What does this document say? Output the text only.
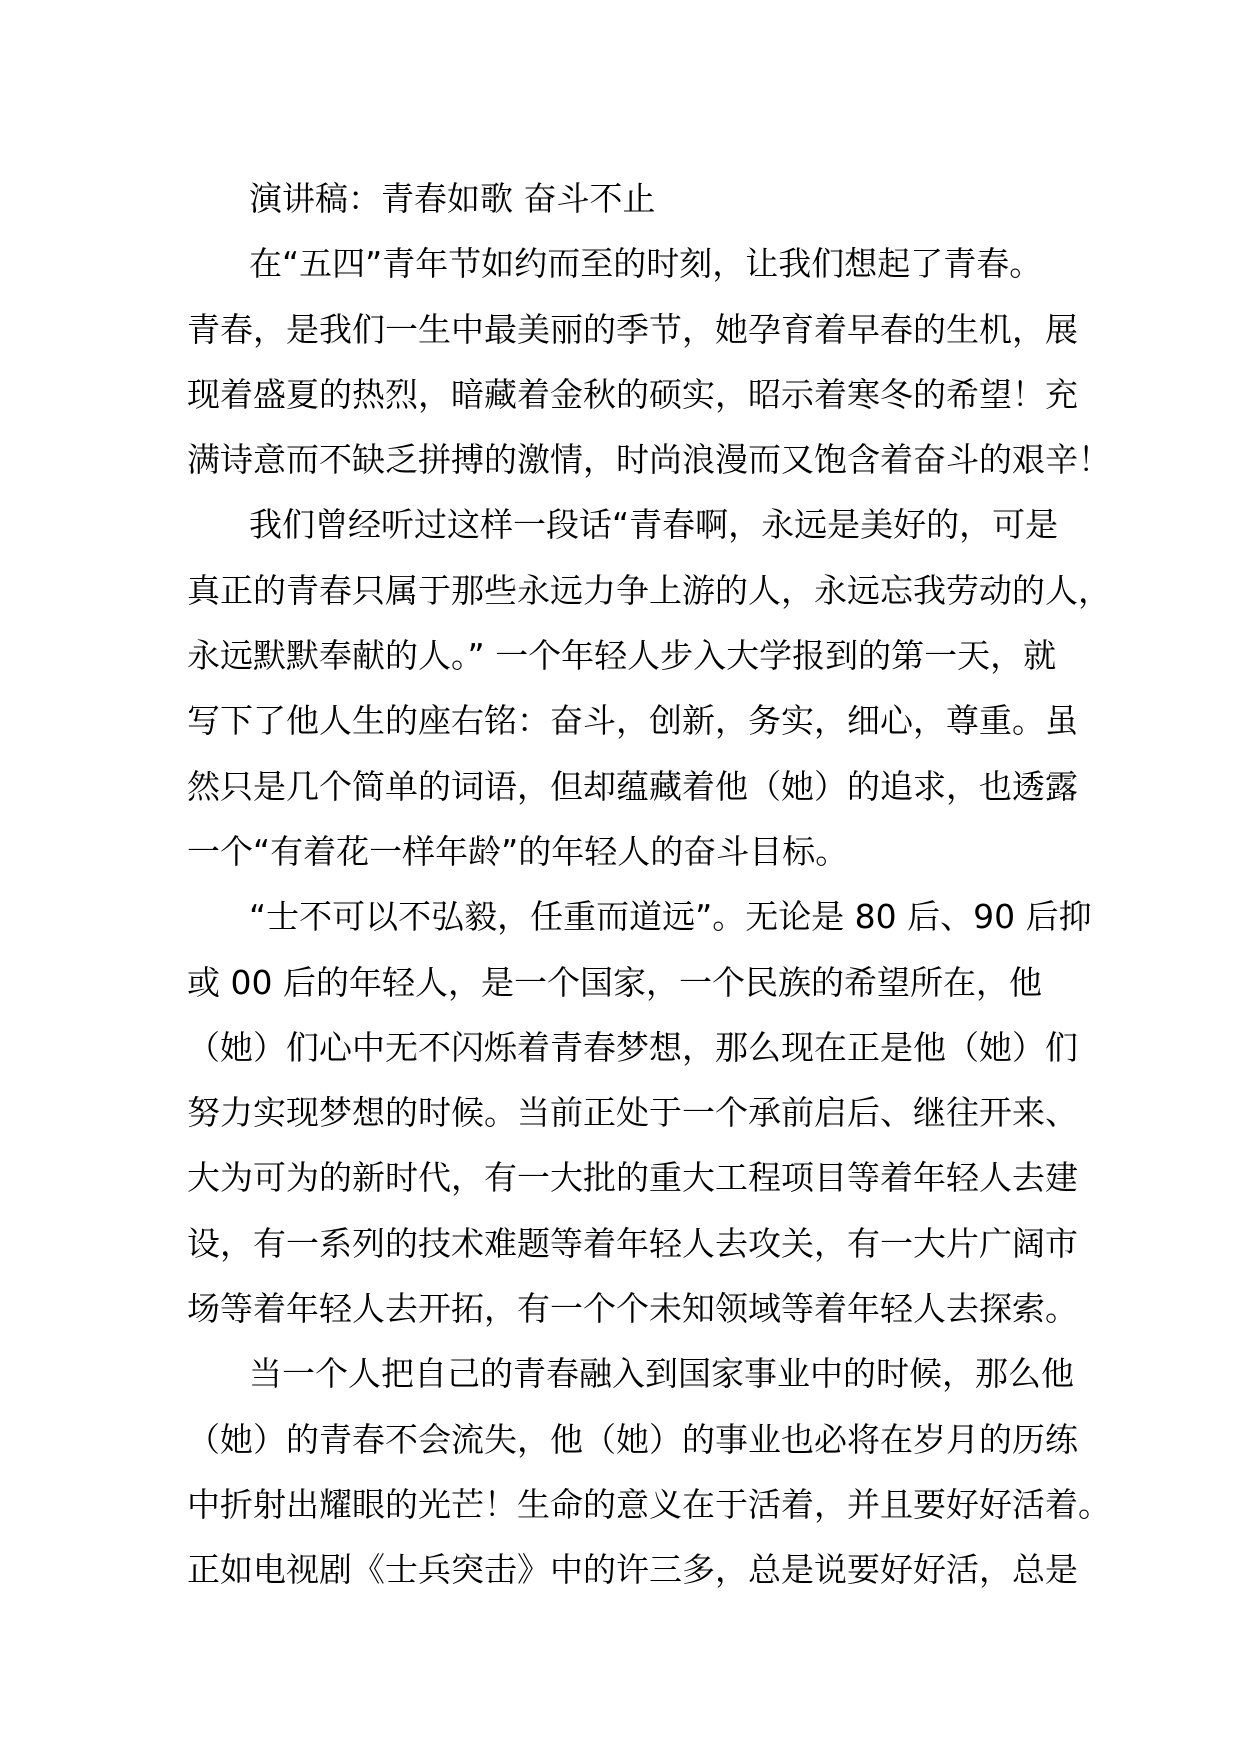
演讲稿：青春如歌 奋斗不止
在“五四”青年节如约而至的时刻，让我们想起了青春。
青春，是我们一生中最美丽的季节，她孕育着早春的生机，展
现着盛夏的热烈，暗藏着金秋的硕实，昭示着寒冬的希望！充
满诗意而不缺乏拼搏的激情，时尚浪漫而又饱含着奋斗的艰辛！
我们曾经听过这样一段话“青春啊，永远是美好的，可是
真正的青春只属于那些永远力争上游的人，永远忘我劳动的人，
永远默默奉献的人。” 一个年轻人步入大学报到的第一天，就
写下了他人生的座右铭：奋斗，创新，务实，细心，尊重。虽
然只是几个简单的词语，但却蕴藏着他（她）的追求，也透露
一个“有着花一样年龄”的年轻人的奋斗目标。
“士不可以不弘毅，任重而道远”。无论是 80 后、90 后抑
或 00 后的年轻人，是一个国家，一个民族的希望所在，他
（她）们心中无不闪烁着青春梦想，那么现在正是他（她）们
努力实现梦想的时候。当前正处于一个承前启后、继往开来、
大为可为的新时代，有一大批的重大工程项目等着年轻人去建
设，有一系列的技术难题等着年轻人去攻关，有一大片广阔市
场等着年轻人去开拓，有一个个未知领域等着年轻人去探索。
当一个人把自己的青春融入到国家事业中的时候，那么他
（她）的青春不会流失，他（她）的事业也必将在岁月的历练
中折射出耀眼的光芒！生命的意义在于活着，并且要好好活着。
正如电视剧《士兵突击》中的许三多，总是说要好好活，总是
